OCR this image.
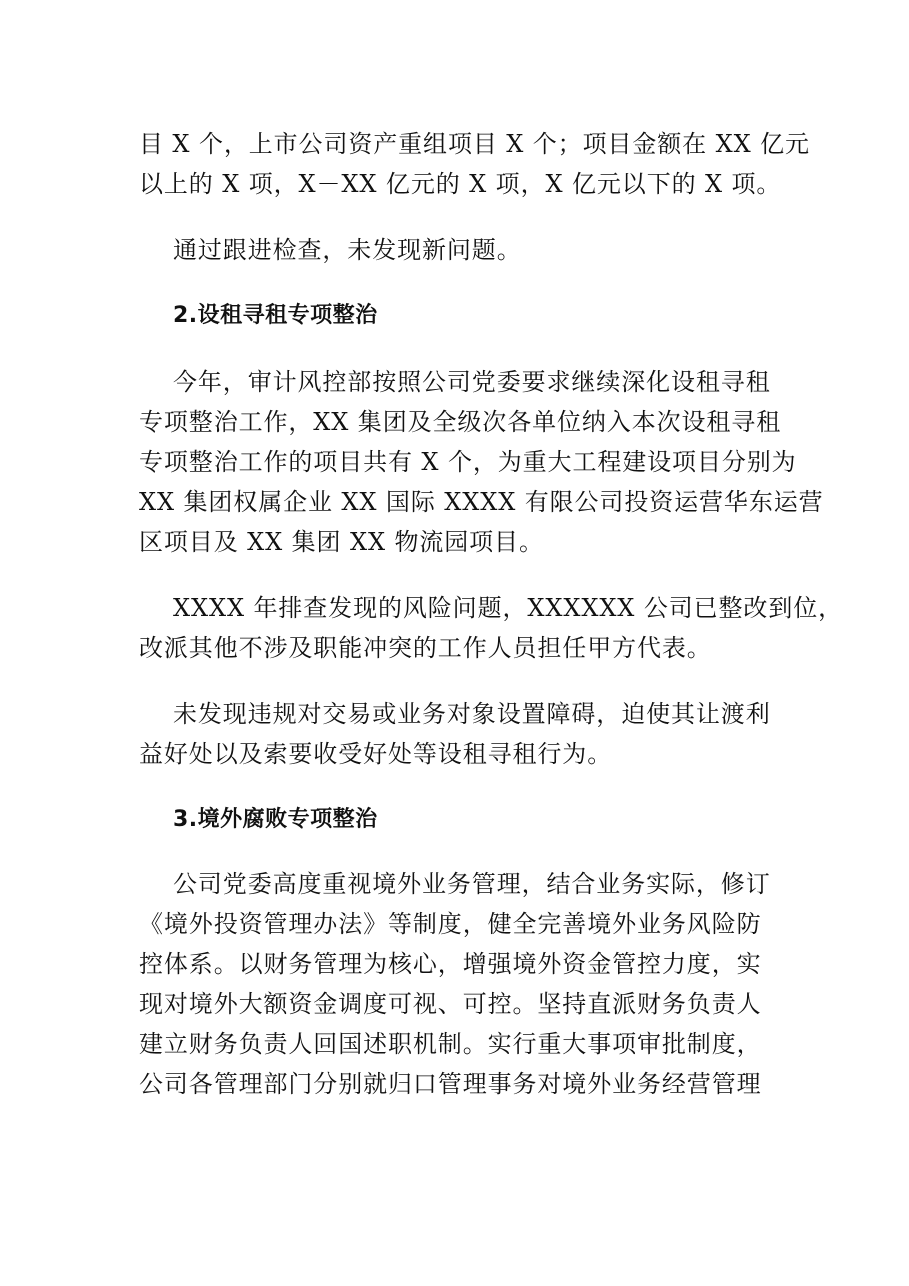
目 X 个，上市公司资产重组项目 X 个；项目金额在 XX 亿元
以上的 X 项，X－XX 亿元的 X 项，X 亿元以下的 X 项。
通过跟进检查，未发现新问题。
2.设租寻租专项整治
今年，审计风控部按照公司党委要求继续深化设租寻租
专项整治工作，XX 集团及全级次各单位纳入本次设租寻租
专项整治工作的项目共有 X 个，为重大工程建设项目分别为
XX 集团权属企业 XX 国际 XXXX 有限公司投资运营华东运营
区项目及 XX 集团 XX 物流园项目。
XXXX 年排查发现的风险问题，XXXXXX 公司已整改到位，
改派其他不涉及职能冲突的工作人员担任甲方代表。
未发现违规对交易或业务对象设置障碍，迫使其让渡利
益好处以及索要收受好处等设租寻租行为。
3.境外腐败专项整治
公司党委高度重视境外业务管理，结合业务实际，修订
《境外投资管理办法》等制度，健全完善境外业务风险防
控体系。以财务管理为核心，增强境外资金管控力度，实
现对境外大额资金调度可视、可控。坚持直派财务负责人
建立财务负责人回国述职机制。实行重大事项审批制度，
公司各管理部门分别就归口管理事务对境外业务经营管理
